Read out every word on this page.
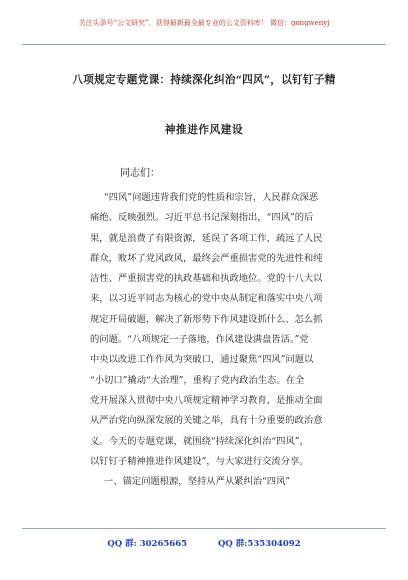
关注头条号“公文研究”，获得最新最全最专业的公文资料库！ 微信：gongwenyj
八项规定专题党课：持续深化纠治“四风”，以钉钉子精
神推进作风建设
同志们：
“四风”问题违背我们党的性质和宗旨，人民群众深恶
痛绝、反映强烈。习近平总书记深刻指出，“四风”的后
果，就是浪费了有限资源，延误了各项工作，疏远了人民
群众，败坏了党风政风，最终会严重损害党的先进性和纯
洁性、严重损害党的执政基础和执政地位。党的十八大以
来，以习近平同志为核心的党中央从制定和落实中央八项
规定开局破题，解决了新形势下作风建设抓什么、怎么抓
的问题。“八项规定一子落地，作风建设满盘皆活。”党
中央以改进工作作风为突破口，通过聚焦“四风”问题以
“小切口”撬动“大治理”，重构了党内政治生态。在全
党开展深入贯彻中央八项规定精神学习教育，是推动全面
从严治党向纵深发展的关键之举，具有十分重要的政治意
义。今天的专题党课，就围绕“持续深化纠治“四风”，
以钉钉子精神推进作风建设”，与大家进行交流分享。
一、锚定问题根源，坚持从严从紧纠治“四风”
QQ 群: 30265665	QQ 群:535304092
